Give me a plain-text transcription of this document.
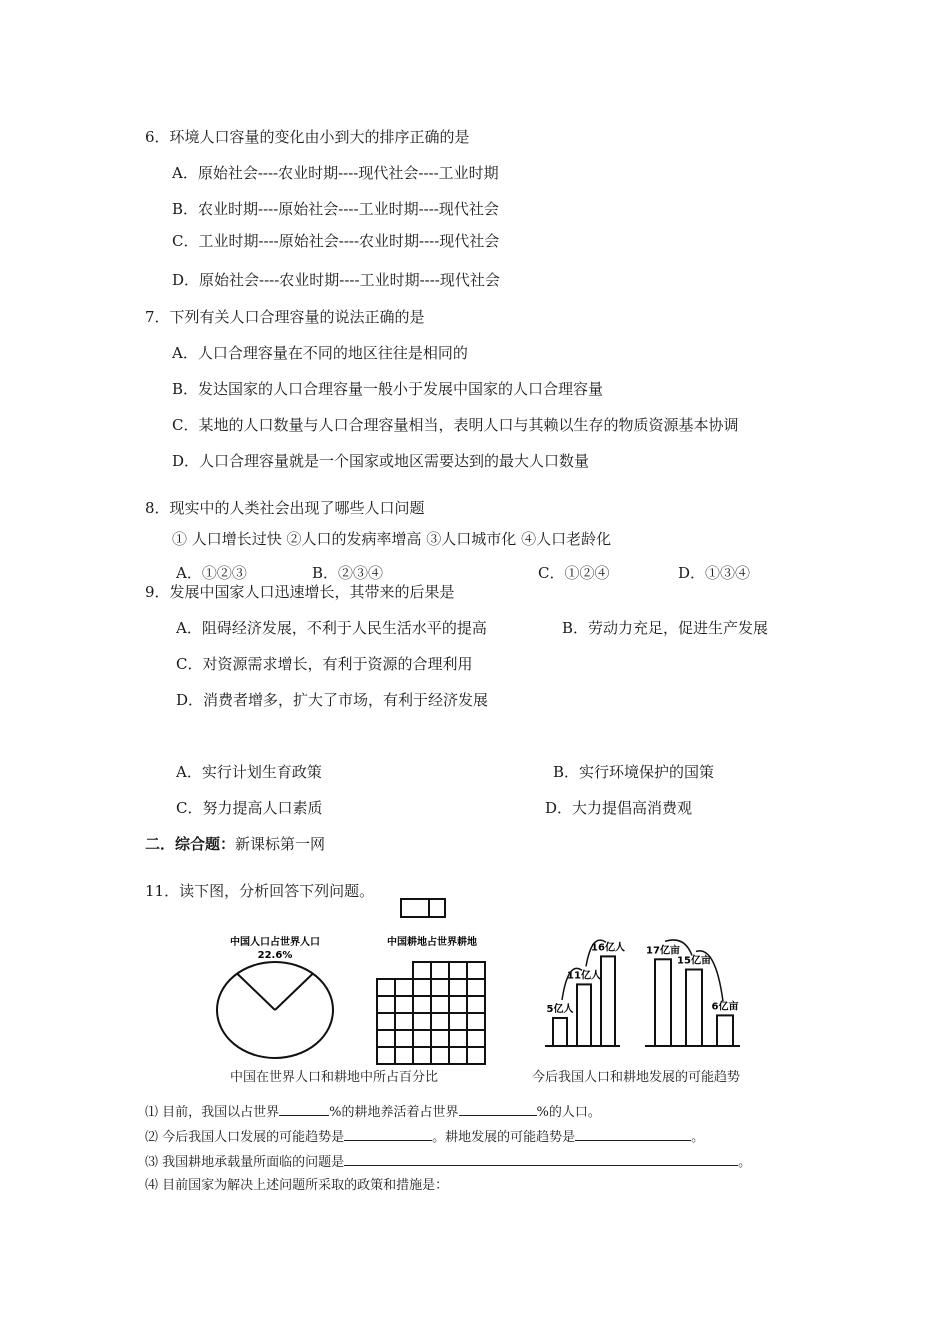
6．环境人口容量的变化由小到大的排序正确的是
A．原始社会----农业时期----现代社会----工业时期
B．农业时期----原始社会----工业时期----现代社会
C．工业时期----原始社会----农业时期----现代社会
D．原始社会----农业时期----工业时期----现代社会
7．下列有关人口合理容量的说法正确的是
A．人口合理容量在不同的地区往往是相同的
B．发达国家的人口合理容量一般小于发展中国家的人口合理容量
C．某地的人口数量与人口合理容量相当，表明人口与其赖以生存的物质资源基本协调
D．人口合理容量就是一个国家或地区需要达到的最大人口数量
8．现实中的人类社会出现了哪些人口问题
① 人口增长过快 ②人口的发病率增高 ③人口城市化 ④人口老龄化
A．①②③	B．②③④	C．①②④	D．①③④
9．发展中国家人口迅速增长，其带来的后果是
A．阻碍经济发展，不利于人民生活水平的提高	B．劳动力充足，促进生产发展
C．对资源需求增长，有利于资源的合理利用
D．消费者增多，扩大了市场，有利于经济发展
A．实行计划生育政策	B．实行环境保护的国策
C．努力提高人口素质	D．大力提倡高消费观
二．综合题：新课标第一网
11．读下图，分析回答下列问题。
中国人口占世界人口
22.6%
中国耕地占世界耕地
5亿人
11亿人
16亿人 17亿亩
15亿亩
6亿亩
中国在世界人口和耕地中所占百分比	今后我国人口和耕地发展的可能趋势
⑴ 目前，我国以占世界	%的耕地养活着占世界	%的人口。
⑵ 今后我国人口发展的可能趋势是	。耕地发展的可能趋势是	。
⑶ 我国耕地承载量所面临的问题是	。
⑷ 目前国家为解决上述问题所采取的政策和措施是：
